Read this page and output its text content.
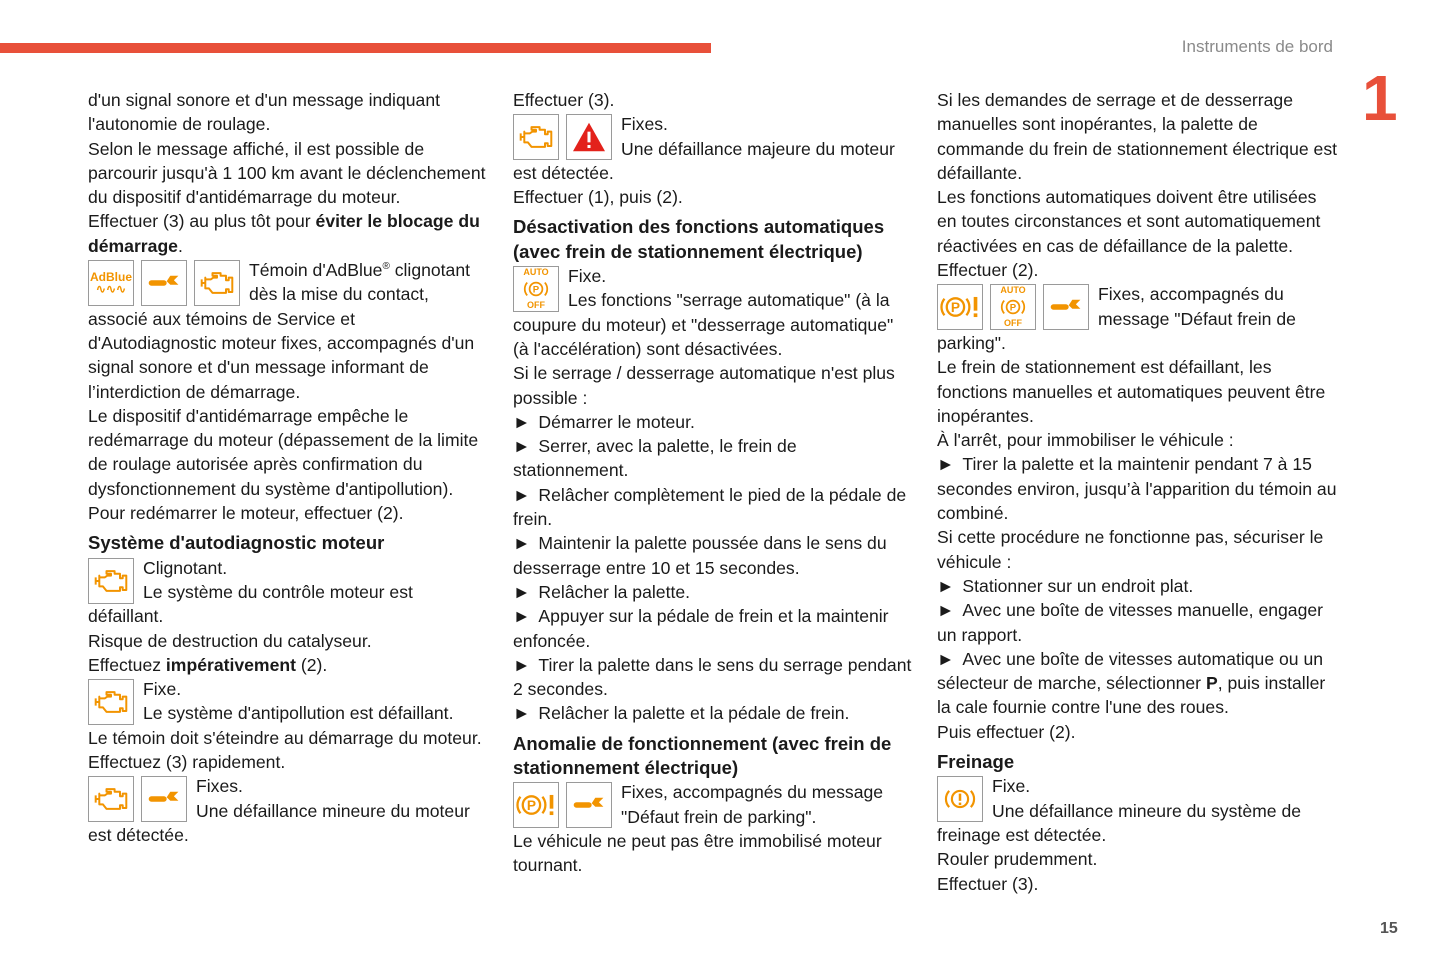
Instruments de bord
1
15

d'un signal sonore et d'un message indiquant l'autonomie de roulage.

Selon le message affiché, il est possible de parcourir jusqu'à 1 100 km avant le déclenchement du dispositif d'antidémarrage du moteur.

Effectuer (3) au plus tôt pour éviter le blocage du démarrage.

AdBlue
∿∿∿
Témoin d'AdBlue® clignotant dès la mise du contact, associé aux témoins de Service et d'Autodiagnostic moteur fixes, accompagnés d'un signal sonore et d'un message informant de l’interdiction de démarrage.

Le dispositif d'antidémarrage empêche le redémarrage du moteur (dépassement de la limite de roulage autorisée après confirmation du dysfonctionnement du système d'antipollution).

Pour redémarrer le moteur, effectuer (2).

Système d'autodiagnostic moteur
Clignotant.
Le système du contrôle moteur est défaillant.

Risque de destruction du catalyseur.

Effectuez impérativement (2).

Fixe.
Le système d'antipollution est défaillant.

Le témoin doit s'éteindre au démarrage du moteur.

Effectuez (3) rapidement.

Fixes.
Une défaillance mineure du moteur est détectée.

Effectuer (3).

Fixes.
Une défaillance majeure du moteur est détectée.

Effectuer (1), puis (2).

Désactivation des fonctions automatiques (avec frein de stationnement électrique)
AUTO
OFF
Fixe.
Les fonctions "serrage automatique" (à la coupure du moteur) et "desserrage automatique" (à l'accélération) sont désactivées.

Si le serrage / desserrage automatique n'est plus possible :

► Démarrer le moteur.

► Serrer, avec la palette, le frein de stationnement.

► Relâcher complètement le pied de la pédale de frein.

► Maintenir la palette poussée dans le sens du desserrage entre 10 et 15 secondes.

► Relâcher la palette.

► Appuyer sur la pédale de frein et la maintenir enfoncée.

► Tirer la palette dans le sens du serrage pendant 2 secondes.

► Relâcher la palette et la pédale de frein.

Anomalie de fonctionnement (avec frein de stationnement électrique)
Fixes, accompagnés du message "Défaut frein de parking".

Le véhicule ne peut pas être immobilisé moteur tournant.

Si les demandes de serrage et de desserrage manuelles sont inopérantes, la palette de commande du frein de stationnement électrique est défaillante.

Les fonctions automatiques doivent être utilisées en toutes circonstances et sont automatiquement réactivées en cas de défaillance de la palette.

Effectuer (2).

AUTO
OFF
Fixes, accompagnés du message "Défaut frein de parking".

Le frein de stationnement est défaillant, les fonctions manuelles et automatiques peuvent être inopérantes.

À l'arrêt, pour immobiliser le véhicule :

► Tirer la palette et la maintenir pendant 7 à 15 secondes environ, jusqu’à l'apparition du témoin au combiné.

Si cette procédure ne fonctionne pas, sécuriser le véhicule :

► Stationner sur un endroit plat.

► Avec une boîte de vitesses manuelle, engager un rapport.

► Avec une boîte de vitesses automatique ou un sélecteur de marche, sélectionner P, puis installer la cale fournie contre l'une des roues.

Puis effectuer (2).

Freinage
Fixe.
Une défaillance mineure du système de freinage est détectée.

Rouler prudemment.

Effectuer (3).
